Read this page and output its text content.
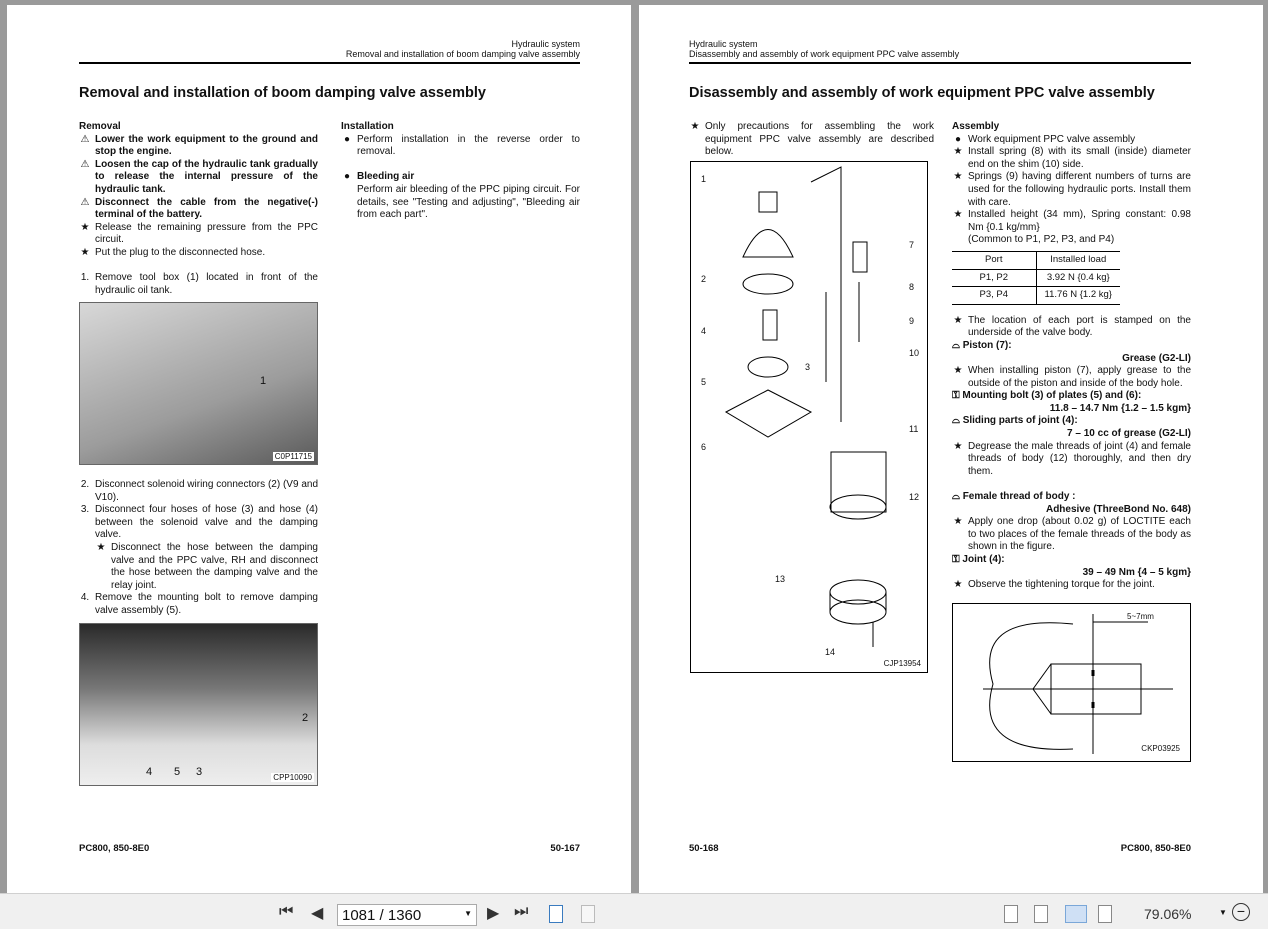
Hydraulic system
Removal and installation of boom damping valve assembly
Removal and installation of boom damping valve assembly
Removal
⚠ Lower the work equipment to the ground and stop the engine.
⚠ Loosen the cap of the hydraulic tank gradually to release the internal pressure of the hydraulic tank.
⚠ Disconnect the cable from the negative(-) terminal of the battery.
★ Release the remaining pressure from the PPC circuit.
★ Put the plug to the disconnected hose.
1. Remove tool box (1) located in front of the hydraulic oil tank.
1
C0P11715
2. Disconnect solenoid wiring connectors (2) (V9 and V10).
3. Disconnect four hoses of hose (3) and hose (4) between the solenoid valve and the damping valve.
★ Disconnect the hose between the damping valve and the PPC valve, RH and disconnect the hose between the damping valve and the relay joint.
4. Remove the mounting bolt to remove damping valve assembly (5).
4 5 3
2
CPP10090
Installation
● Perform installation in the reverse order to removal.
● Bleeding air
Perform air bleeding of the PPC piping circuit. For details, see "Testing and adjusting", "Bleeding air from each part".
PC800, 850-8E0	50-167
Hydraulic system
Disassembly and assembly of work equipment PPC valve assembly
Disassembly and assembly of work equipment PPC valve assembly
★ Only precautions for assembling the work equipment PPC valve assembly are described below.
1
2
3
4
5
6
7
8
9
10
11
12
13
14
CJP13954
Assembly
● Work equipment PPC valve assembly
★ Install spring (8) with its small (inside) diameter end on the shim (10) side.
★ Springs (9) having different numbers of turns are used for the following hydraulic ports. Install them with care.
★ Installed height (34 mm), Spring constant: 0.98 Nm {0.1 kg/mm}
(Common to P1, P2, P3, and P4)
Port	Installed load
P1, P2	3.92 N {0.4 kg}
P3, P4	11.76 N {1.2 kg}
★ The location of each port is stamped on the underside of the valve body.
⌓ Piston (7):
Grease (G2-LI)
★ When installing piston (7), apply grease to the outside of the piston and inside of the body hole.
⚿ Mounting bolt (3) of plates (5) and (6):
11.8 – 14.7 Nm {1.2 – 1.5 kgm}
⌓ Sliding parts of joint (4):
7 – 10 cc of grease (G2-LI)
★ Degrease the male threads of joint (4) and female threads of body (12) thoroughly, and then dry them.
⌓ Female thread of body :
Adhesive (ThreeBond No. 648)
★ Apply one drop (about 0.02 g) of LOCTITE each to two places of the female threads of the body as shown in the figure.
⚿ Joint (4):
39 – 49 Nm {4 – 5 kgm}
★ Observe the tightening torque for the joint.
5~7mm
CKP03925
50-168	PC800, 850-8E0
⏮ ◀	1081 / 1360	▼ ▶ ⏭	79.06%	▼ −
